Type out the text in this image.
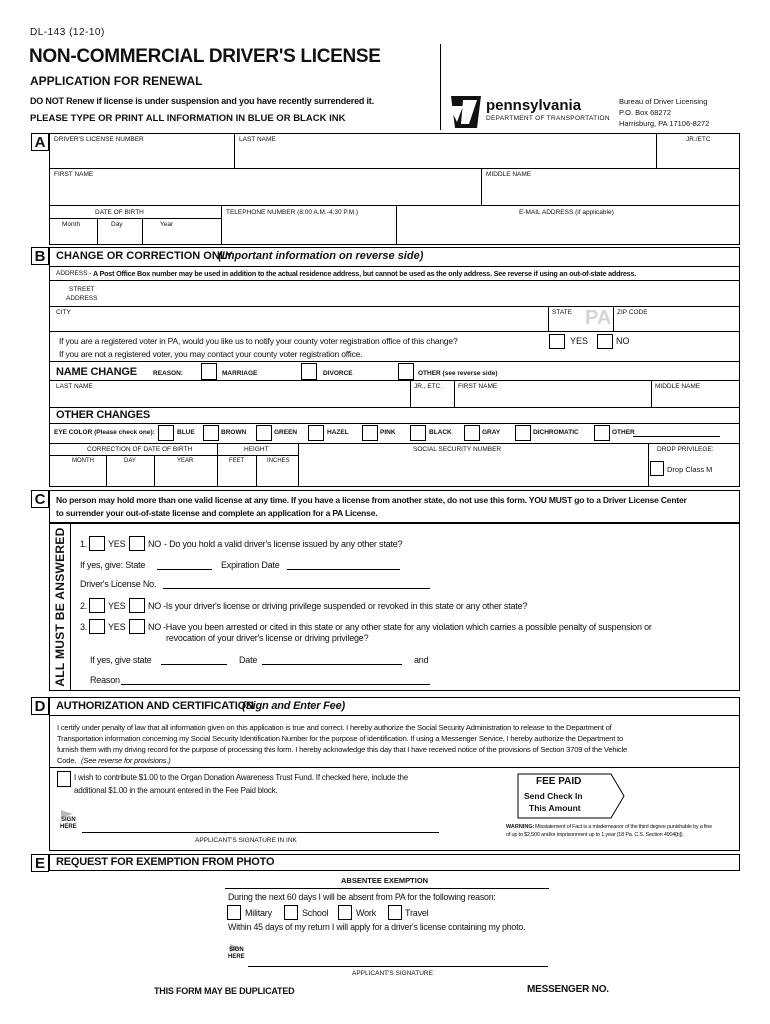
DL-143 (12-10)
NON-COMMERCIAL DRIVER'S LICENSE
APPLICATION FOR RENEWAL
DO NOT Renew if license is under suspension and you have recently surrendered it.
PLEASE TYPE OR PRINT ALL INFORMATION IN BLUE OR BLACK INK
pennsylvania
DEPARTMENT OF TRANSPORTATION
Bureau of Driver Licensing
P.O. Box 68272
Harrisburg, PA 17106-8272
A	DRIVER'S LICENSE NUMBER	LAST NAME	JR./ETC
FIRST NAME	MIDDLE NAME
DATE OF BIRTH
Month	Day	Year
TELEPHONE NUMBER (8:00 A.M.-4:30 P.M.)	E-MAIL ADDRESS (if applicable)
B CHANGE OR CORRECTION ONLY
(Important information on reverse side)
ADDRESS - A Post Office Box number may be used in addition to the actual residence address, but cannot be used as the only address. See reverse if using an out-of-state address.
STREET
ADDRESS
CITY	STATE PA ZIP CODE
If you are a registered voter in PA, would you like us to notify your county voter registration office of this change?
If you are not a registered voter, you may contact your county voter registration office.
YES	NO
NAME CHANGE REASON:	MARRIAGE	DIVORCE	OTHER (see reverse side)
LAST NAME	JR., ETC. FIRST NAME	MIDDLE NAME
OTHER CHANGES
EYE COLOR (Please check one):	BLUE	BROWN	GREEN	HAZEL	PINK	BLACK	GRAY	DICHROMATIC	OTHER
CORRECTION OF DATE OF BIRTH
MONTH	DAY	YEAR
HEIGHT
FEET	INCHES
SOCIAL SECURITY NUMBER	DROP PRIVILEGE:
Drop Class M
C	No person may hold more than one valid license at any time. If you have a license from another state, do not use this form. YOU MUST go to a Driver License Center
to surrender your out-of-state license and complete an application for a PA License.
ALL MUST BE ANSWERED 1. YES	NO - Do you hold a valid driver's license issued by any other state?
If yes, give: State	Expiration Date
Driver's License No.
2. YES	NO -Is your driver's license or driving privilege suspended or revoked in this state or any other state?
3. YES	NO -Have you been arrested or cited in this state or any other state for any violation which carries a possible penalty of suspension or
revocation of your driver's license or driving privilege?
If yes, give state	Date	and
Reason
D AUTHORIZATION AND CERTIFICATION
(Sign and Enter Fee)
I certify under penalty of law that all information given on this application is true and correct. I hereby authorize the Social Security Administration to release to the Department of
Transportation information concerning my Social Security Identification Number for the purpose of identification. If using a Messenger Service, I hereby authorize the Department to
furnish them with my driving record for the purpose of processing this form. I hereby acknowledge this day that I have received notice of the provisions of Section 3709 of the Vehicle
Code. (See reverse for provisions.)
I wish to contribute $1.00 to the Organ Donation Awareness Trust Fund. If checked here, include the
additional $1.00 in the amount entered in the Fee Paid block.
SIGN
HERE
APPLICANT'S SIGNATURE IN INK
FEE PAID
Send Check In
This Amount
WARNING: Misstatement of Fact is a misdemeanor of the third degree punishable by a fine
of up to $2,500 and/or imprisonment up to 1 year (18 Pa. C.S. Section 4904[b]).
E	REQUEST FOR EXEMPTION FROM PHOTO
ABSENTEE EXEMPTION
During the next 60 days I will be absent from PA for the following reason:
Military	School	Work	Travel
Within 45 days of my return I will apply for a driver's license containing my photo.
SIGN
HERE
APPLICANT'S SIGNATURE
THIS FORM MAY BE DUPLICATED	MESSENGER NO.
